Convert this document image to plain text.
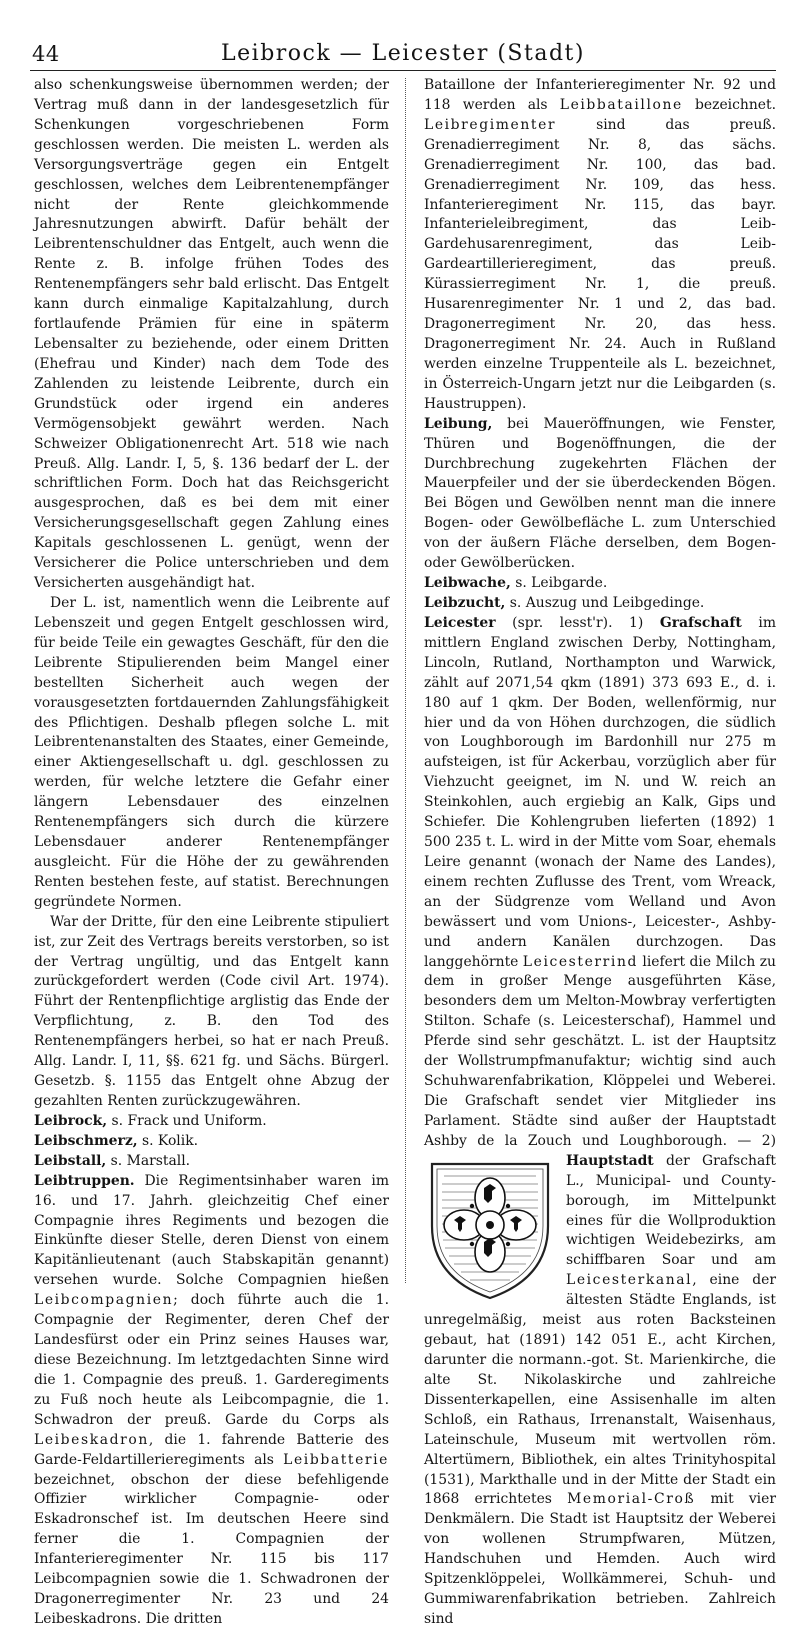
44	Leibrock — Leicester (Stadt)

also schenkungsweise übernommen werden; der Vertrag muß dann in der landesgesetzlich für Schenkungen vorgeschriebenen Form geschlossen werden. Die meisten L. werden als Versorgungsverträge gegen ein Entgelt geschlossen, welches dem Leibrentenempfänger nicht der Rente gleichkommende Jahresnutzungen abwirft. Dafür behält der Leibrentenschuldner das Entgelt, auch wenn die Rente z. B. infolge frühen Todes des Rentenempfängers sehr bald erlischt. Das Entgelt kann durch einmalige Kapitalzahlung, durch fortlaufende Prämien für eine in späterm Lebensalter zu beziehende, oder einem Dritten (Ehefrau und Kinder) nach dem Tode des Zahlenden zu leistende Leibrente, durch ein Grundstück oder irgend ein anderes Vermögensobjekt gewährt werden. Nach Schweizer Obligationenrecht Art. 518 wie nach Preuß. Allg. Landr. I, 5, §. 136 bedarf der L. der schriftlichen Form. Doch hat das Reichsgericht ausgesprochen, daß es bei dem mit einer Versicherungsgesellschaft gegen Zahlung eines Kapitals geschlossenen L. genügt, wenn der Versicherer die Police unterschrieben und dem Versicherten ausgehändigt hat.

Der L. ist, namentlich wenn die Leibrente auf Lebenszeit und gegen Entgelt geschlossen wird, für beide Teile ein gewagtes Geschäft, für den die Leibrente Stipulierenden beim Mangel einer bestellten Sicherheit auch wegen der vorausgesetzten fortdauernden Zahlungsfähigkeit des Pflichtigen. Deshalb pflegen solche L. mit Leibrentenanstalten des Staates, einer Gemeinde, einer Aktiengesellschaft u. dgl. geschlossen zu werden, für welche letztere die Gefahr einer längern Lebensdauer des einzelnen Rentenempfängers sich durch die kürzere Lebensdauer anderer Rentenempfänger ausgleicht. Für die Höhe der zu gewährenden Renten bestehen feste, auf statist. Berechnungen gegründete Normen.

War der Dritte, für den eine Leibrente stipuliert ist, zur Zeit des Vertrags bereits verstorben, so ist der Vertrag ungültig, und das Entgelt kann zurückgefordert werden (Code civil Art. 1974). Führt der Rentenpflichtige arglistig das Ende der Verpflichtung, z. B. den Tod des Rentenempfängers herbei, so hat er nach Preuß. Allg. Landr. I, 11, §§. 621 fg. und Sächs. Bürgerl. Gesetzb. §. 1155 das Entgelt ohne Abzug der gezahlten Renten zurückzugewähren.

Leibrock, s. Frack und Uniform.

Leibschmerz, s. Kolik.

Leibstall, s. Marstall.

Leibtruppen. Die Regimentsinhaber waren im 16. und 17. Jahrh. gleichzeitig Chef einer Compagnie ihres Regiments und bezogen die Einkünfte dieser Stelle, deren Dienst von einem Kapitänlieutenant (auch Stabskapitän genannt) versehen wurde. Solche Compagnien hießen Leibcompagnien; doch führte auch die 1. Compagnie der Regimenter, deren Chef der Landesfürst oder ein Prinz seines Hauses war, diese Bezeichnung. Im letztgedachten Sinne wird die 1. Compagnie des preuß. 1. Garderegiments zu Fuß noch heute als Leibcompagnie, die 1. Schwadron der preuß. Garde du Corps als Leibeskadron, die 1. fahrende Batterie des Garde-Feldartillerieregiments als Leibbatterie bezeichnet, obschon der diese befehligende Offizier wirklicher Compagnie- oder Eskadronschef ist. Im deutschen Heere sind ferner die 1. Compagnien der Infanterieregimenter Nr. 115 bis 117 Leibcompagnien sowie die 1. Schwadronen der Dragonerregimenter Nr. 23 und 24 Leibeskadrons. Die dritten

Bataillone der Infanterieregimenter Nr. 92 und 118 werden als Leibbataillone bezeichnet. Leibregimenter sind das preuß. Grenadierregiment Nr. 8, das sächs. Grenadierregiment Nr. 100, das bad. Grenadierregiment Nr. 109, das hess. Infanterieregiment Nr. 115, das bayr. Infanterieleibregiment, das Leib-Gardehusarenregiment, das Leib-Gardeartillerieregiment, das preuß. Kürassierregiment Nr. 1, die preuß. Husarenregimenter Nr. 1 und 2, das bad. Dragonerregiment Nr. 20, das hess. Dragonerregiment Nr. 24. Auch in Rußland werden einzelne Truppenteile als L. bezeichnet, in Österreich-Ungarn jetzt nur die Leibgarden (s. Haustruppen).

Leibung, bei Maueröffnungen, wie Fenster, Thüren und Bogenöffnungen, die der Durchbrechung zugekehrten Flächen der Mauerpfeiler und der sie überdeckenden Bögen. Bei Bögen und Gewölben nennt man die innere Bogen- oder Gewölbefläche L. zum Unterschied von der äußern Fläche derselben, dem Bogen- oder Gewölberücken.

Leibwache, s. Leibgarde.

Leibzucht, s. Auszug und Leibgedinge.

Leicester (spr. lesst'r). 1) Grafschaft im mittlern England zwischen Derby, Nottingham, Lincoln, Rutland, Northampton und Warwick, zählt auf 2071,54 qkm (1891) 373 693 E., d. i. 180 auf 1 qkm. Der Boden, wellenförmig, nur hier und da von Höhen durchzogen, die südlich von Loughborough im Bardonhill nur 275 m aufsteigen, ist für Ackerbau, vorzüglich aber für Viehzucht geeignet, im N. und W. reich an Steinkohlen, auch ergiebig an Kalk, Gips und Schiefer. Die Kohlengruben lieferten (1892) 1 500 235 t. L. wird in der Mitte vom Soar, ehemals Leire genannt (wonach der Name des Landes), einem rechten Zuflusse des Trent, vom Wreack, an der Südgrenze vom Welland und Avon bewässert und vom Unions-, Leicester-, Ashby- und andern Kanälen durchzogen. Das langgehörnte Leicesterrind liefert die Milch zu dem in großer Menge ausgeführten Käse, besonders dem um Melton-Mowbray verfertigten Stilton. Schafe (s. Leicesterschaf), Hammel und Pferde sind sehr geschätzt. L. ist der Hauptsitz der Wollstrumpfmanufaktur; wichtig sind auch Schuhwarenfabrikation, Klöppelei und Weberei. Die Grafschaft sendet vier Mitglieder ins Parlament. Städte sind außer der Hauptstadt Ashby de la Zouch und Loughborough. — 2) Hauptstadt
der Grafschaft L., Municipal- und County-borough, im Mittelpunkt eines für die Wollproduktion wichtigen Weidebezirks, am schiffbaren Soar und am Leicesterkanal, eine der ältesten Städte Englands, ist unregelmäßig, meist aus roten Backsteinen gebaut, hat (1891) 142 051 E., acht Kirchen, darunter die normann.-got. St. Marienkirche, die alte St. Nikolaskirche und zahlreiche Dissenterkapellen, eine Assisenhalle im alten Schloß, ein Rathaus, Irrenanstalt, Waisenhaus, Lateinschule, Museum mit wertvollen röm. Altertümern, Bibliothek, ein altes Trinityhospital (1531), Markthalle und in der Mitte der Stadt ein 1868 errichtetes Memorial-Croß mit vier Denkmälern. Die Stadt ist Hauptsitz der Weberei von wollenen Strumpfwaren, Mützen, Handschuhen und Hemden. Auch wird Spitzenklöppelei, Wollkämmerei, Schuh- und Gummiwarenfabrikation betrieben. Zahlreich sind
